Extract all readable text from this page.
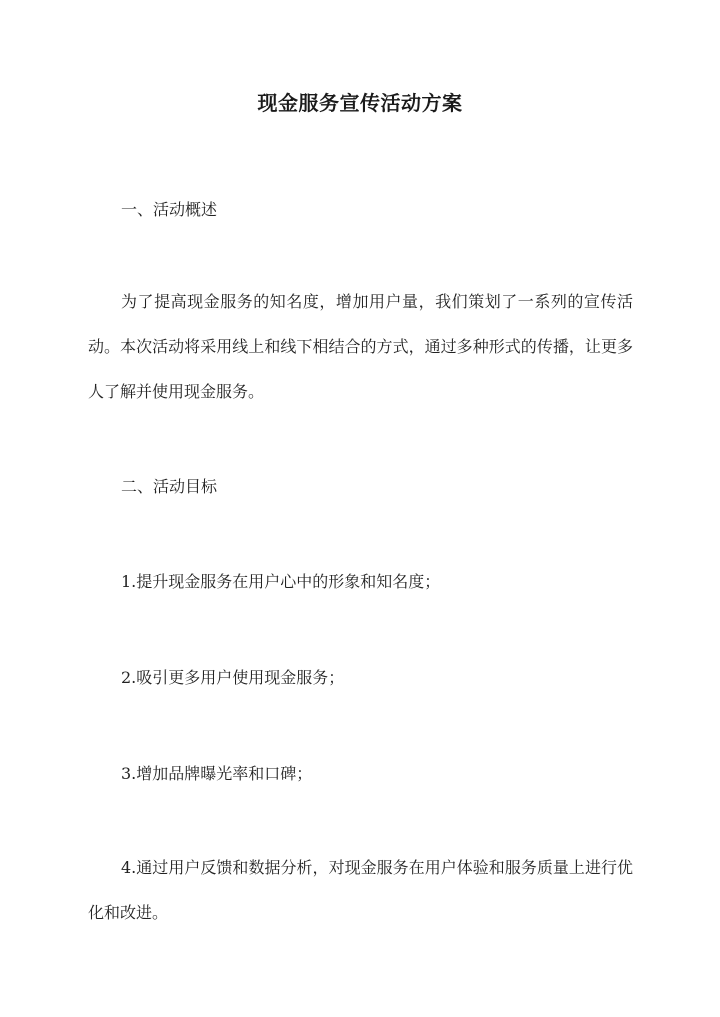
现金服务宣传活动方案
一、活动概述

为了提高现金服务的知名度，增加用户量，我们策划了一系列的宣传活动。本次活动将采用线上和线下相结合的方式，通过多种形式的传播，让更多人了解并使用现金服务。

二、活动目标
1.提升现金服务在用户心中的形象和知名度；
2.吸引更多用户使用现金服务；
3.增加品牌曝光率和口碑；

4.通过用户反馈和数据分析，对现金服务在用户体验和服务质量上进行优化和改进。
